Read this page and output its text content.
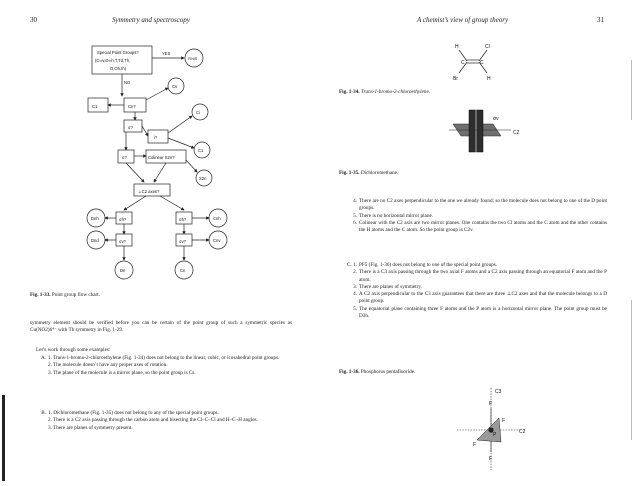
30	Symmetry and spectroscopy
Special Point Groups?
(C∞v,D∞h,T,Td,Th,
O,Oh,Ih)
YES
FINIS
NO
C1	Cn?
Cs
σ?
i?
Ci
C1
σ?	Colinear S2n?
S2n
⊥C2 axes?
σh?
σv?
σh?
σv?
Dnh
Dnd
Cnh
Cnv
Dn	Cn
Fig. 1-33. Point group flow chart.
symmetry element should be verified before you can be certain of the point group of such a symmetric species as Cu(NO2)6⁴⁻ with Th symmetry in Fig. 1-29.
Let’s work through some examples:
A. 1. Trans-1-bromo-2-chloroethylene (Fig. 1-34) does not belong to the linear, cubic, or icosahedral point groups.
2. The molecule doesn’t have any proper axes of rotation.
3. The plane of the molecule is a mirror plane, so the point group is Cs.
B. 1. Dichloromethane (Fig. 1-35) does not belong to any of the special point groups.
2. There is a C2 axis passing through the carbon atom and bisecting the Cl–C–Cl and H–C–H angles.
3. There are planes of symmetry present.
A chemist’s view of group theory	31
H	Cl
C	C
Br	H
Fig. 1-34. Trans-1-bromo-2-chloroethylene.
σv
C2
Fig. 1-35. Dichloromethane.
4. There are no C2 axes perpendicular to the one we already found; so the molecule does not belong to one of the D point groups.
5. There is no horizontal mirror plane.
6. Colinear with the C2 axis are two mirror planes. One contains the two Cl atoms and the C atom and the other contains the H atoms and the C atom. So the point group is C2v.
C. 1. PF5 (Fig. 1-36) does not belong to one of the special point groups.
2. There is a C3 axis passing through the two axial F atoms and a C2 axis passing through an equatorial F atom and the P atom.
3. There are planes of symmetry.
4. A C2 axis perpendicular to the C3 axis guarantees that there are three ⊥C2 axes and that the molecule belongs to a D point group.
5. The equatorial plane containing three F atoms and the P atom is a horizontal mirror plane. The point group must be D3h.
Fig. 1-36. Phosphorus pentafluoride.
C3
C2
F
F
F
F
P
